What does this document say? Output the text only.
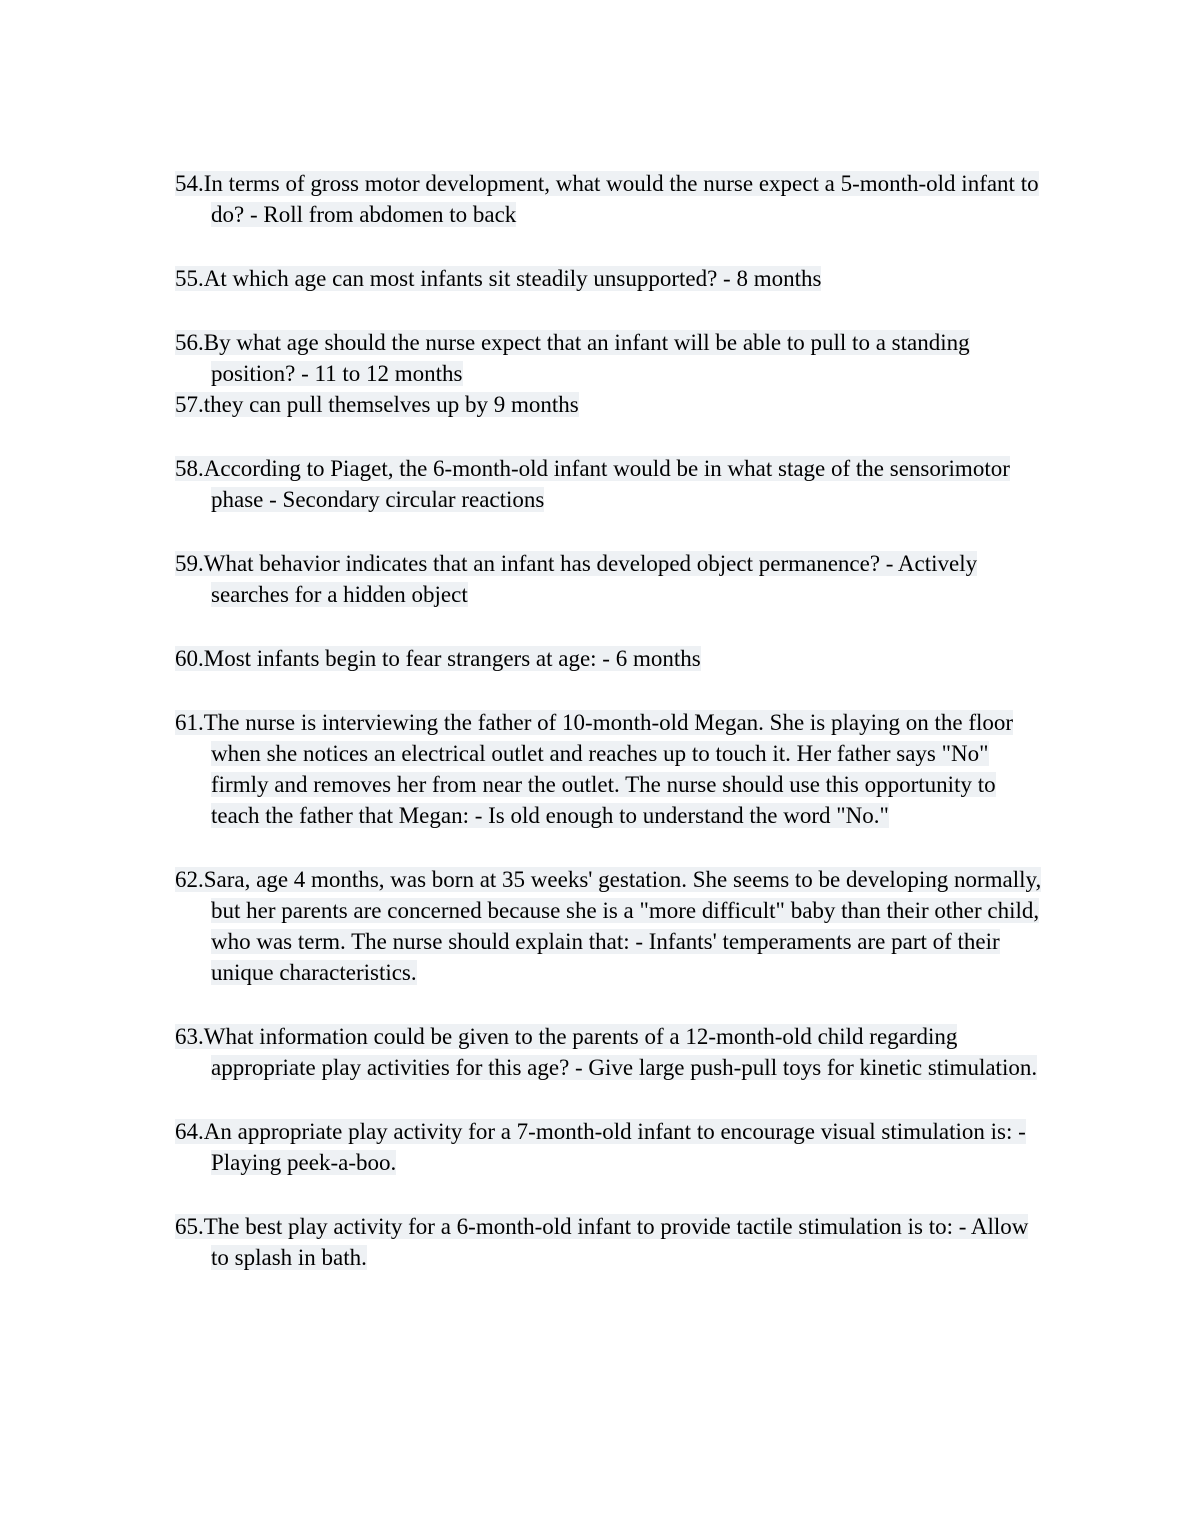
54.In terms of gross motor development, what would the nurse expect a 5-month-old infant to do? - Roll from abdomen to back

55.At which age can most infants sit steadily unsupported? - 8 months

56.By what age should the nurse expect that an infant will be able to pull to a standing position? - 11 to 12 months

57.they can pull themselves up by 9 months

58.According to Piaget, the 6-month-old infant would be in what stage of the sensorimotor phase - Secondary circular reactions

59.What behavior indicates that an infant has developed object permanence? - Actively searches for a hidden object

60.Most infants begin to fear strangers at age: - 6 months

61.The nurse is interviewing the father of 10-month-old Megan. She is playing on the floor when she notices an electrical outlet and reaches up to touch it. Her father says "No" firmly and removes her from near the outlet. The nurse should use this opportunity to teach the father that Megan: - Is old enough to understand the word "No."

62.Sara, age 4 months, was born at 35 weeks' gestation. She seems to be developing normally, but her parents are concerned because she is a "more difficult" baby than their other child, who was term. The nurse should explain that: - Infants' temperaments are part of their unique characteristics.

63.What information could be given to the parents of a 12-month-old child regarding appropriate play activities for this age? - Give large push-pull toys for kinetic stimulation.

64.An appropriate play activity for a 7-month-old infant to encourage visual stimulation is: - Playing peek-a-boo.

65.The best play activity for a 6-month-old infant to provide tactile stimulation is to: - Allow to splash in bath.
